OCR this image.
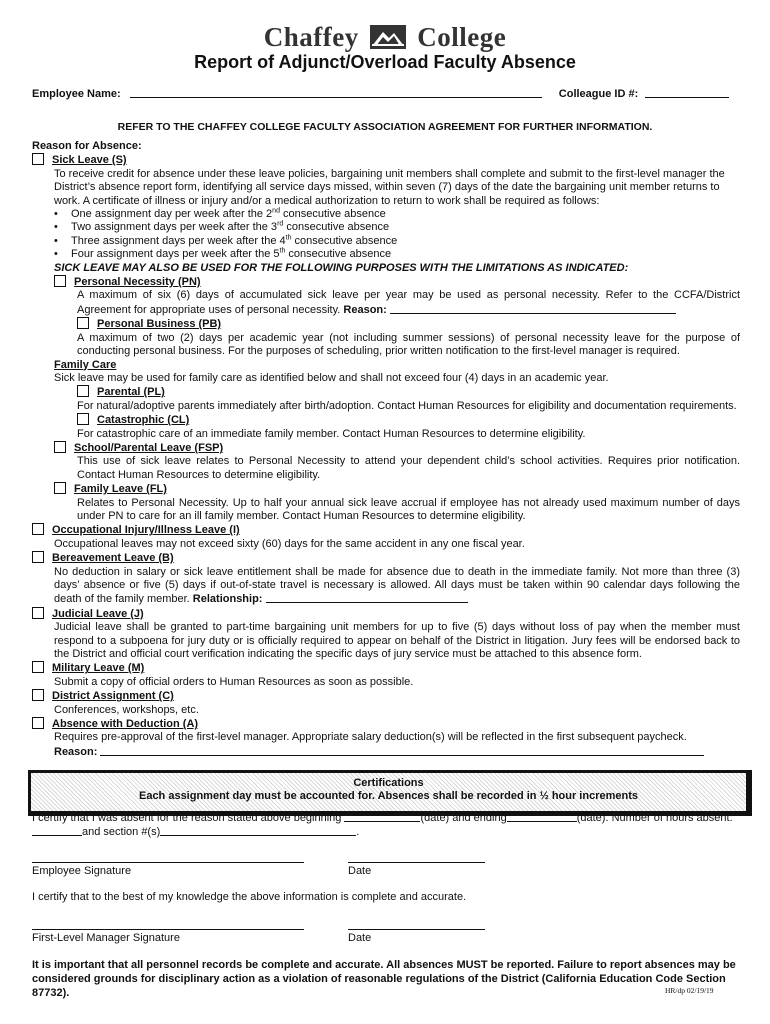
Chaffey College
Report of Adjunct/Overload Faculty Absence
Employee Name:	Colleague ID #:
REFER TO THE CHAFFEY COLLEGE FACULTY ASSOCIATION AGREEMENT FOR FURTHER INFORMATION.

Reason for Absence:

Sick Leave (S)

To receive credit for absence under these leave policies, bargaining unit members shall complete and submit to the first-level manager the District’s absence report form, identifying all service days missed, within seven (7) days of the date the bargaining unit member returns to work. A certificate of illness or injury and/or a medical authorization to return to work shall be required as follows:

• One assignment day per week after the 2nd consecutive absence
• Two assignment days per week after the 3rd consecutive absence
• Three assignment days per week after the 4th consecutive absence
• Four assignment days per week after the 5th consecutive absence

SICK LEAVE MAY ALSO BE USED FOR THE FOLLOWING PURPOSES WITH THE LIMITATIONS AS INDICATED:

Personal Necessity (PN)

A maximum of six (6) days of accumulated sick leave per year may be used as personal necessity. Refer to the CCFA/District Agreement for appropriate uses of personal necessity. Reason:

Personal Business (PB)

A maximum of two (2) days per academic year (not including summer sessions) of personal necessity leave for the purpose of conducting personal business. For the purposes of scheduling, prior written notification to the first-level manager is required.

Family Care

Sick leave may be used for family care as identified below and shall not exceed four (4) days in an academic year.

Parental (PL)

For natural/adoptive parents immediately after birth/adoption. Contact Human Resources for eligibility and documentation requirements.

Catastrophic (CL)

For catastrophic care of an immediate family member. Contact Human Resources to determine eligibility.

School/Parental Leave (FSP)

This use of sick leave relates to Personal Necessity to attend your dependent child’s school activities. Requires prior notification. Contact Human Resources to determine eligibility.

Family Leave (FL)

Relates to Personal Necessity. Up to half your annual sick leave accrual if employee has not already used maximum number of days under PN to care for an ill family member. Contact Human Resources to determine eligibility.

Occupational Injury/Illness Leave (I)

Occupational leaves may not exceed sixty (60) days for the same accident in any one fiscal year.

Bereavement Leave (B)

No deduction in salary or sick leave entitlement shall be made for absence due to death in the immediate family. Not more than three (3) days’ absence or five (5) days if out-of-state travel is necessary is allowed. All days must be taken within 90 calendar days following the death of the family member. Relationship:

Judicial Leave (J)

Judicial leave shall be granted to part-time bargaining unit members for up to five (5) days without loss of pay when the member must respond to a subpoena for jury duty or is officially required to appear on behalf of the District in litigation. Jury fees will be endorsed back to the District and official court verification indicating the specific days of jury service must be attached to this absence form.

Military Leave (M)

Submit a copy of official orders to Human Resources as soon as possible.

District Assignment (C)

Conferences, workshops, etc.

Absence with Deduction (A)

Requires pre-approval of the first-level manager. Appropriate salary deduction(s) will be reflected in the first subsequent paycheck.

Reason:

Certifications
Each assignment day must be accounted for. Absences shall be recorded in ½ hour increments
I certify that I was absent for the reason stated above beginning	(date) and ending	(date). Number of hours absent: and section #(s)	.
Employee Signature	Date
I certify that to the best of my knowledge the above information is complete and accurate.
First-Level Manager Signature	Date
It is important that all personnel records be complete and accurate. All absences MUST be reported. Failure to report absences may be considered grounds for disciplinary action as a violation of reasonable regulations of the District (California Education Code Section 87732).	HR/dp 02/19/19
